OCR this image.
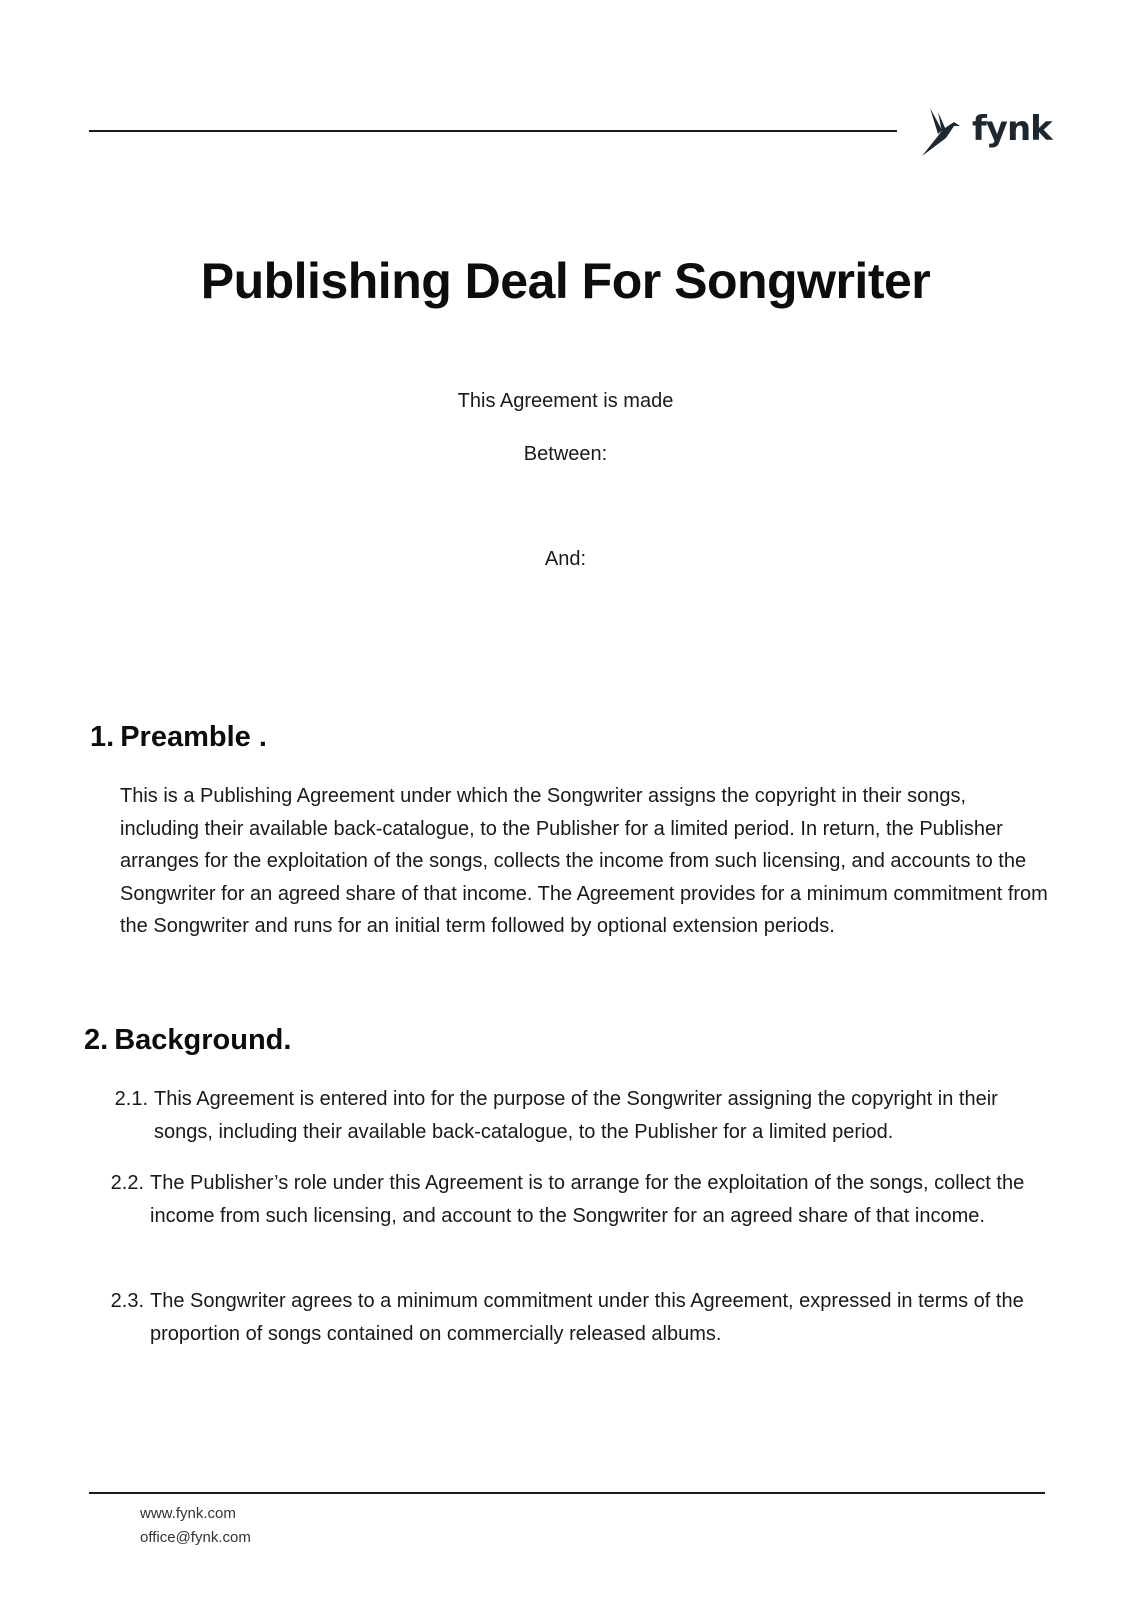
fynk
Publishing Deal For Songwriter

This Agreement is made

Between:

And:

1. Preamble .

This is a Publishing Agreement under which the Songwriter assigns the copyright in their songs, including their available back-catalogue, to the Publisher for a limited period. In return, the Publisher arranges for the exploitation of the songs, collects the income from such licensing, and accounts to the Songwriter for an agreed share of that income. The Agreement provides for a minimum commitment from the Songwriter and runs for an initial term followed by optional extension periods.

2. Background.
2.1. This Agreement is entered into for the purpose of the Songwriter assigning the copyright in their songs, including their available back-catalogue, to the Publisher for a limited period.
2.2. The Publisher’s role under this Agreement is to arrange for the exploitation of the songs, collect the income from such licensing, and account to the Songwriter for an agreed share of that income.
2.3. The Songwriter agrees to a minimum commitment under this Agreement, expressed in terms of the proportion of songs contained on commercially released albums.

www.fynk.com

office@fynk.com
